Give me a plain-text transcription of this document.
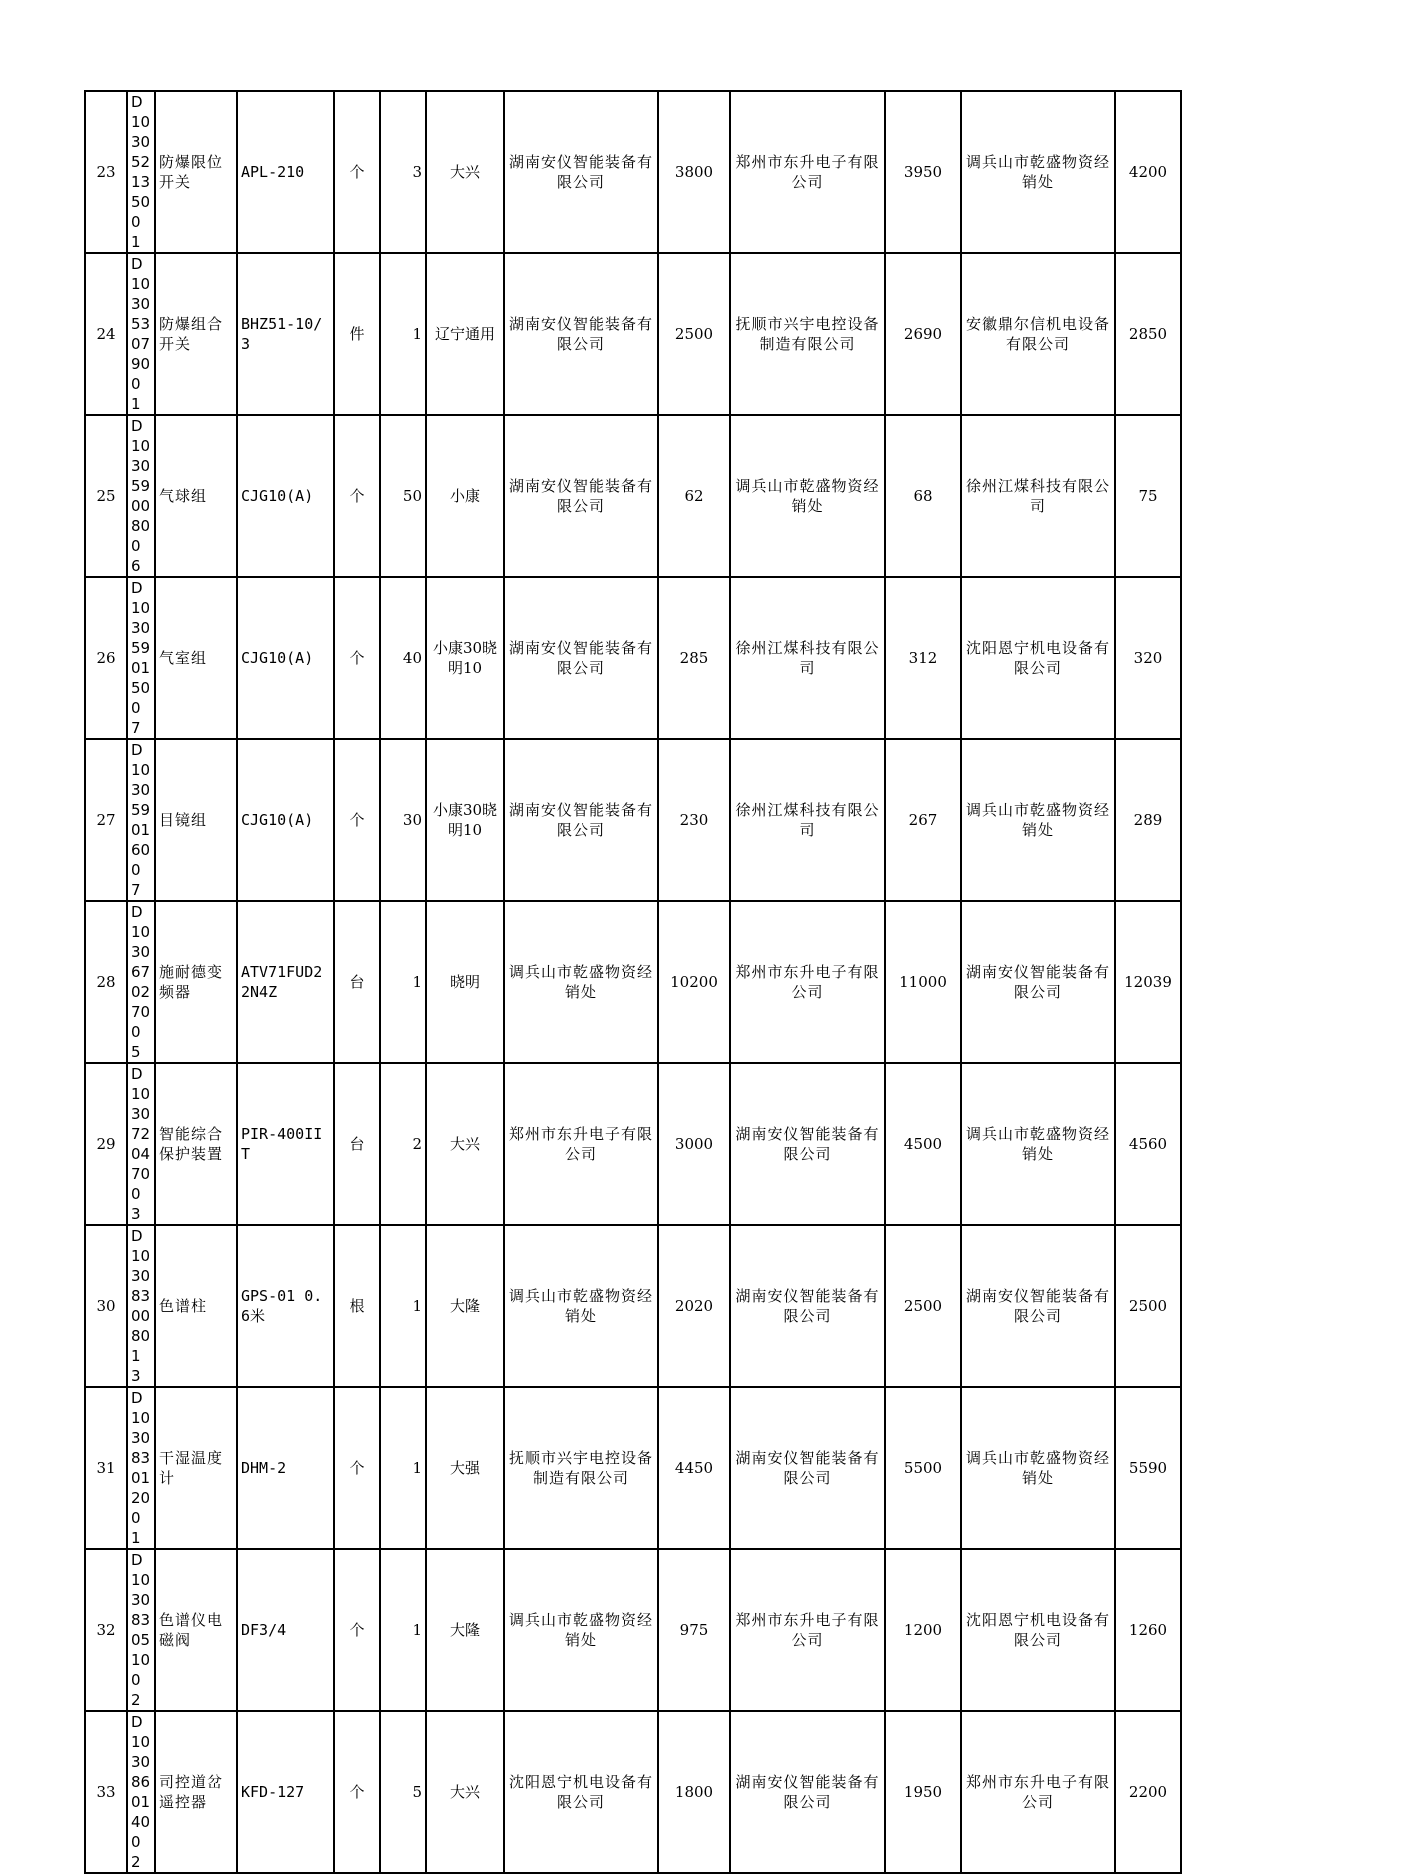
23	D10305213500 1	防爆限位开关	APL-210	个	3	大兴	湖南安仪智能装备有限公司	3800	郑州市东升电子有限公司	3950	调兵山市乾盛物资经销处	4200
24	D10305307900 1	防爆组合开关	BHZ51-10/3	件	1	辽宁通用	湖南安仪智能装备有限公司	2500	抚顺市兴宇电控设备制造有限公司	2690	安徽鼎尔信机电设备有限公司	2850
25	D10305900800 6	气球组	CJG10(A)	个	50	小康	湖南安仪智能装备有限公司	62	调兵山市乾盛物资经销处	68	徐州江煤科技有限公司	75
26	D10305901500 7	气室组	CJG10(A)	个	40	小康30晓明10	湖南安仪智能装备有限公司	285	徐州江煤科技有限公司	312	沈阳恩宁机电设备有限公司	320
27	D10305901600 7	目镜组	CJG10(A)	个	30	小康30晓明10	湖南安仪智能装备有限公司	230	徐州江煤科技有限公司	267	调兵山市乾盛物资经销处	289
28	D10306702700 5	施耐德变频器	ATV71FUD22N4Z	台	1	晓明	调兵山市乾盛物资经销处	10200	郑州市东升电子有限公司	11000	湖南安仪智能装备有限公司	12039
29	D10307204700 3	智能综合保护装置	PIR-400IIT	台	2	大兴	郑州市东升电子有限公司	3000	湖南安仪智能装备有限公司	4500	调兵山市乾盛物资经销处	4560
30	D10308300801 3	色谱柱	GPS-01 0.6米	根	1	大隆	调兵山市乾盛物资经销处	2020	湖南安仪智能装备有限公司	2500	湖南安仪智能装备有限公司	2500
31	D10308301200 1	干湿温度计	DHM-2	个	1	大强	抚顺市兴宇电控设备制造有限公司	4450	湖南安仪智能装备有限公司	5500	调兵山市乾盛物资经销处	5590
32	D10308305100 2	色谱仪电磁阀	DF3/4	个	1	大隆	调兵山市乾盛物资经销处	975	郑州市东升电子有限公司	1200	沈阳恩宁机电设备有限公司	1260
33	D10308601400 2	司控道岔遥控器	KFD-127	个	5	大兴	沈阳恩宁机电设备有限公司	1800	湖南安仪智能装备有限公司	1950	郑州市东升电子有限公司	2200
